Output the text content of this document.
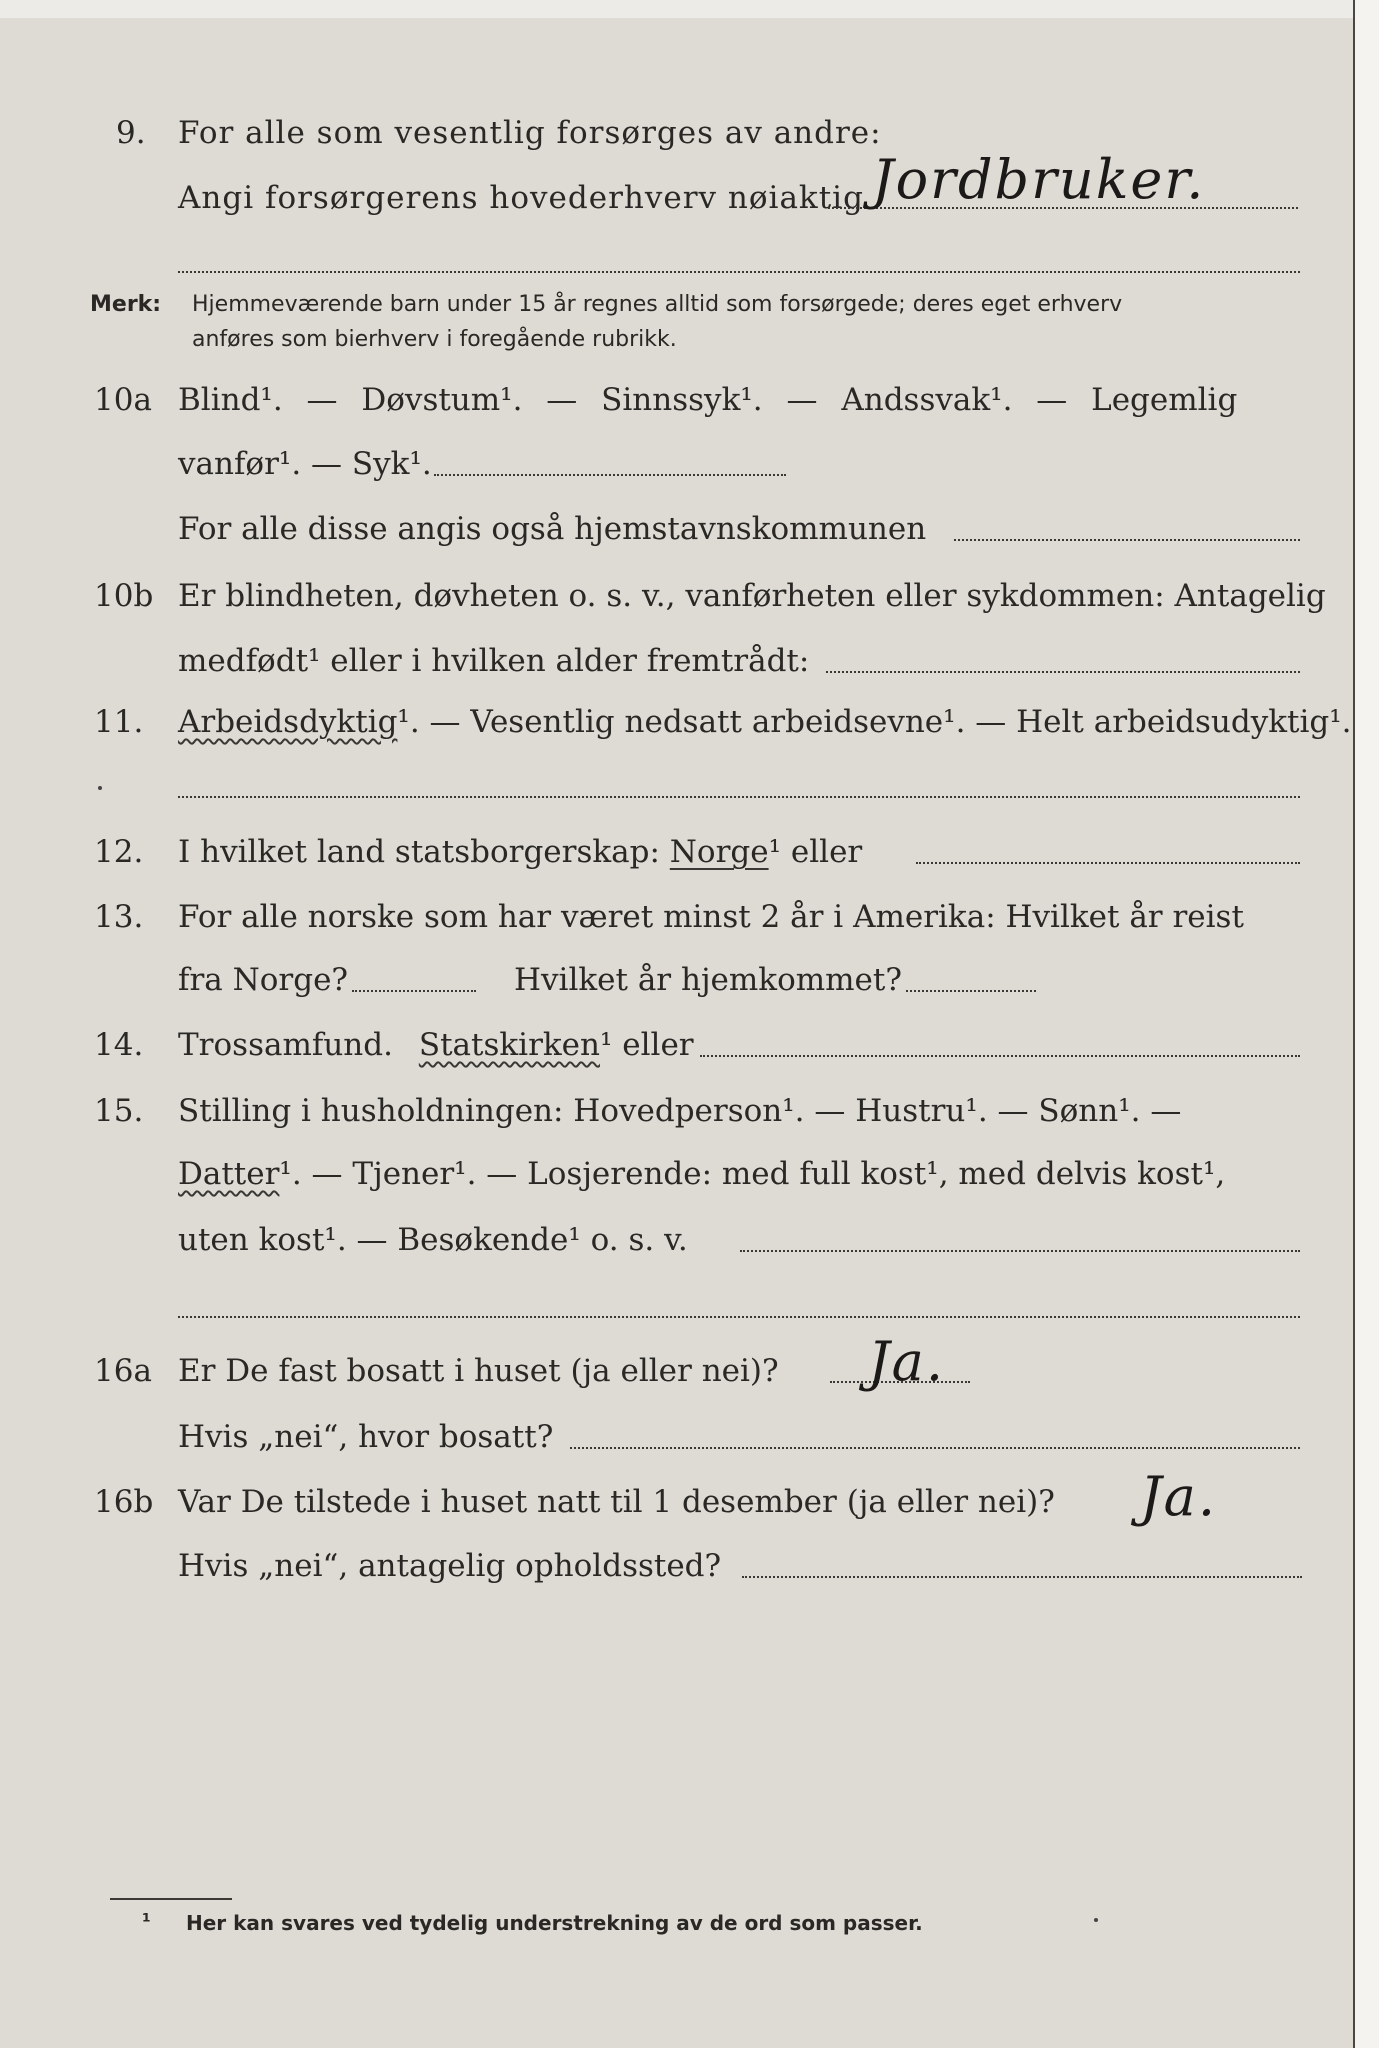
9. For alle som vesentlig forsørges av andre:
Angi forsørgerens hovederhverv nøiaktig Jordbruker.
Merk: Hjemmeværende barn under 15 år regnes alltid som forsørgede; deres eget erhverv
anføres som bierhverv i foregående rubrikk.
10a Blind¹. — Døvstum¹. — Sinnssyk¹. — Andssvak¹. — Legemlig
vanfør¹. — Syk¹.
For alle disse angis også hjemstavnskommunen
10b Er blindheten, døvheten o. s. v., vanførheten eller sykdommen: Antagelig
medfødt¹ eller i hvilken alder fremtrådt:
11. Arbeidsdyktig¹. — Vesentlig nedsatt arbeidsevne¹. — Helt arbeidsudyktig¹.
12. I hvilket land statsborgerskap: Norge¹ eller
13. For alle norske som har været minst 2 år i Amerika: Hvilket år reist
fra Norge?	Hvilket år hjemkommet?
14. Trossamfund. Statskirken¹ eller
15. Stilling i husholdningen: Hovedperson¹. — Hustru¹. — Sønn¹. —
Datter¹. — Tjener¹. — Losjerende: med full kost¹, med delvis kost¹,
uten kost¹. — Besøkende¹ o. s. v.
16a Er De fast bosatt i huset (ja eller nei)? Ja.
Hvis „nei“, hvor bosatt?
16b Var De tilstede i huset natt til 1 desember (ja eller nei)? Ja.
Hvis „nei“, antagelig opholdssted?
¹ Her kan svares ved tydelig understrekning av de ord som passer.
